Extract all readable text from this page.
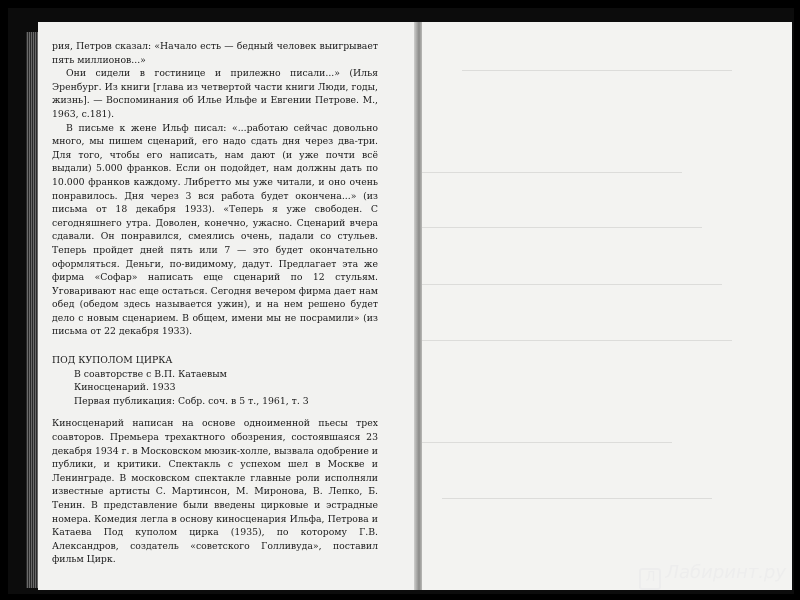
рия, Петров сказал: «Начало есть — бедный человек выигрывает пять миллионов...»

Они сидели в гостинице и прилежно писали...» (Илья Эренбург. Из книги [глава из четвертой части книги Люди, годы, жизнь]. — Воспоминания об Илье Ильфе и Евгении Петрове. М., 1963, с.181).

В письме к жене Ильф писал: «...работаю сейчас довольно много, мы пишем сценарий, его надо сдать дня через два-три. Для того, чтобы его написать, нам дают (и уже почти всё выдали) 5.000 франков. Если он подойдет, нам должны дать по 10.000 франков каждому. Либретто мы уже читали, и оно очень понравилось. Дня через 3 вся работа будет окончена...» (из письма от 18 декабря 1933). «Теперь я уже свободен. С сегодняшнего утра. Доволен, конечно, ужасно. Сценарий вчера сдавали. Он понравился, смеялись очень, падали со стульев. Теперь пройдет дней пять или 7 — это будет окончательно оформляться. Деньги, по-видимому, дадут. Предлагает эта же фирма «Софар» написать еще сценарий по 12 стульям. Уговаривают нас еще остаться. Сегодня вечером фирма дает нам обед (обедом здесь называется ужин), и на нем решено будет дело с новым сценарием. В общем, имени мы не посрамили» (из письма от 22 декабря 1933).

ПОД КУПОЛОМ ЦИРКА

В соавторстве с В.П. Катаевым

Киносценарий. 1933

Первая публикация: Собр. соч. в 5 т., 1961, т. 3

Киносценарий написан на основе одноименной пьесы трех соавторов. Премьера трехактного обозрения, состоявшаяся 23 декабря 1934 г. в Московском мюзик-холле, вызвала одобрение и публики, и критики. Спектакль с успехом шел в Москве и Ленинграде. В московском спектакле главные роли исполняли известные артисты С. Мартинсон, М. Миронова, В. Лепко, Б. Тенин. В представление были введены цирковые и эстрадные номера. Комедия легла в основу киносценария Ильфа, Петрова и Катаева Под куполом цирка (1935), по которому Г.В. Александров, создатель «советского Голливуда», поставил фильм Цирк.

Л Лабиринт.ру
